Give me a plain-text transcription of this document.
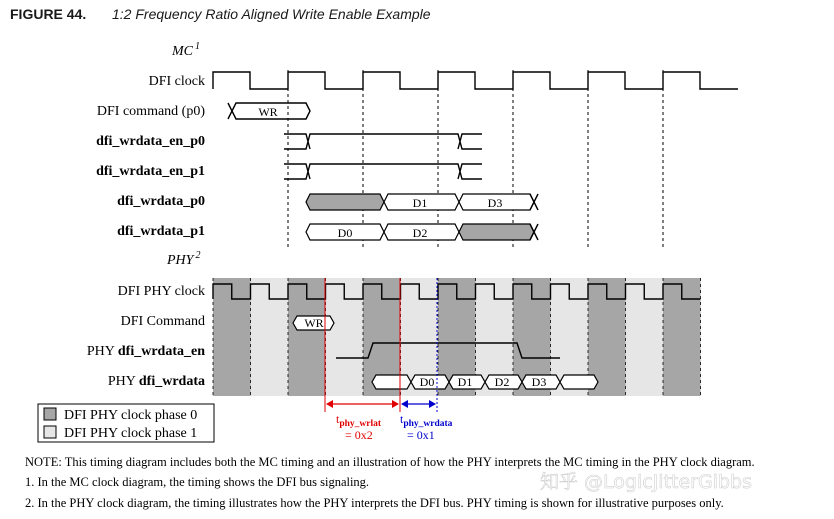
FIGURE 44. 1:2 Frequency Ratio Aligned Write Enable Example
MC $^1$
DFI clock
DFI command (p0)
dfi_wrdata_en_p0
dfi_wrdata_en_p1
dfi_wrdata_p0
dfi_wrdata_p1
PHY $^2$
DFI PHY clock
DFI Command
PHY dfi_wrdata_en
PHY dfi_wrdata
WR
D1	D3
D0	D2
WR
D0 D1 D2 D3
$t_{phy\_wrlat}$
= 0x2
$t_{phy\_wrdata}$
= 0x1
DFI PHY clock phase 0
DFI PHY clock phase 1
NOTE: This timing diagram includes both the MC timing and an illustration of how the PHY interprets the MC timing in the PHY clock diagram.
1. In the MC clock diagram, the timing shows the DFI bus signaling.
2. In the PHY clock diagram, the timing illustrates how the PHY interprets the DFI bus. PHY timing is shown for illustrative purposes only.
知乎 @LogicJitterGibbs
